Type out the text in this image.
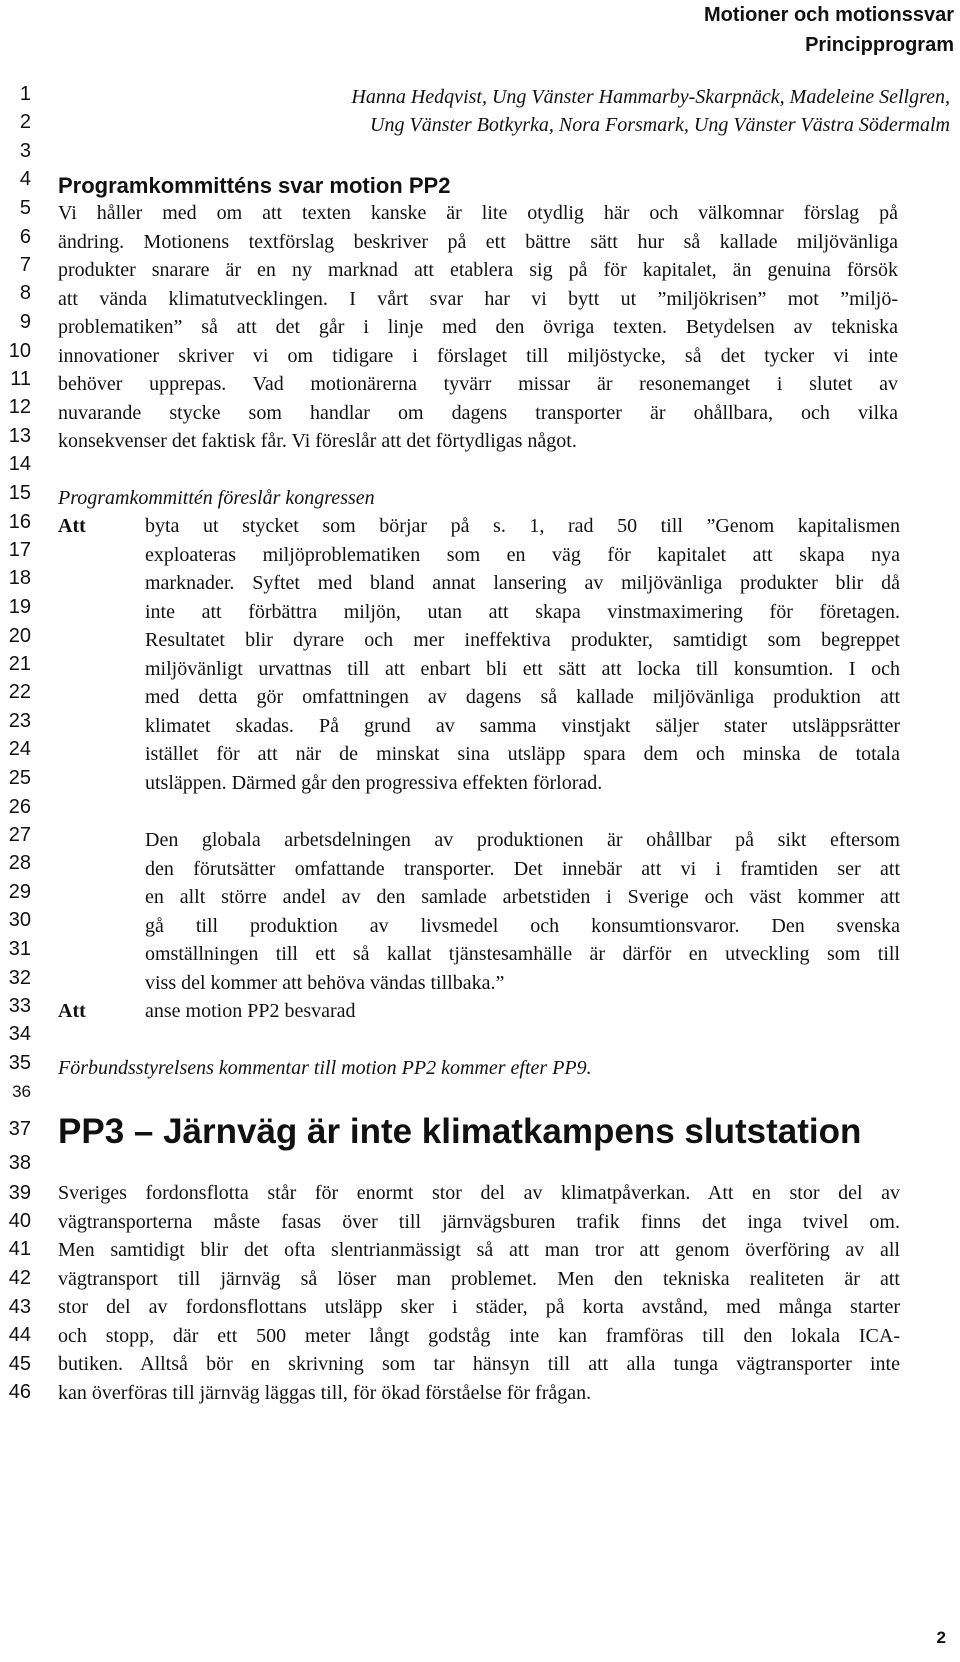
Motioner och motionssvar
Principprogram
1
2
3
4
5
6
7
8
9
10
11
12
13
14
15
16
17
18
19
20
21
22
23
24
25
26
27
28
29
30
31
32
33
34
35
36
37
38
39
40
41
42
43
44
45
46
Hanna Hedqvist, Ung Vänster Hammarby-Skarpnäck, Madeleine Sellgren,
Ung Vänster Botkyrka, Nora Forsmark, Ung Vänster Västra Södermalm
Programkommitténs svar motion PP2
Vi håller med om att texten kanske är lite otydlig här och välkomnar förslag på
ändring. Motionens textförslag beskriver på ett bättre sätt hur så kallade miljövänliga
produkter snarare är en ny marknad att etablera sig på för kapitalet, än genuina försök
att vända klimatutvecklingen. I vårt svar har vi bytt ut ”miljökrisen” mot ”miljö-
problematiken” så att det går i linje med den övriga texten. Betydelsen av tekniska
innovationer skriver vi om tidigare i förslaget till miljöstycke, så det tycker vi inte
behöver upprepas. Vad motionärerna tyvärr missar är resonemanget i slutet av
nuvarande stycke som handlar om dagens transporter är ohållbara, och vilka
konsekvenser det faktisk får. Vi föreslår att det förtydligas något.
Programkommittén föreslår kongressen
Att	byta ut stycket som börjar på s. 1, rad 50 till ”Genom kapitalismen
exploateras miljöproblematiken som en väg för kapitalet att skapa nya
marknader. Syftet med bland annat lansering av miljövänliga produkter blir då
inte att förbättra miljön, utan att skapa vinstmaximering för företagen.
Resultatet blir dyrare och mer ineffektiva produkter, samtidigt som begreppet
miljövänligt urvattnas till att enbart bli ett sätt att locka till konsumtion. I och
med detta gör omfattningen av dagens så kallade miljövänliga produktion att
klimatet skadas. På grund av samma vinstjakt säljer stater utsläppsrätter
istället för att när de minskat sina utsläpp spara dem och minska de totala
utsläppen. Därmed går den progressiva effekten förlorad.
Den globala arbetsdelningen av produktionen är ohållbar på sikt eftersom
den förutsätter omfattande transporter. Det innebär att vi i framtiden ser att
en allt större andel av den samlade arbetstiden i Sverige och väst kommer att
gå till produktion av livsmedel och konsumtionsvaror. Den svenska
omställningen till ett så kallat tjänstesamhälle är därför en utveckling som till
viss del kommer att behöva vändas tillbaka.”
Att	anse motion PP2 besvarad
Förbundsstyrelsens kommentar till motion PP2 kommer efter PP9.
PP3 – Järnväg är inte klimatkampens slutstation
Sveriges fordonsflotta står för enormt stor del av klimatpåverkan. Att en stor del av
vägtransporterna måste fasas över till järnvägsburen trafik finns det inga tvivel om.
Men samtidigt blir det ofta slentrianmässigt så att man tror att genom överföring av all
vägtransport till järnväg så löser man problemet. Men den tekniska realiteten är att
stor del av fordonsflottans utsläpp sker i städer, på korta avstånd, med många starter
och stopp, där ett 500 meter långt godståg inte kan framföras till den lokala ICA-
butiken. Alltså bör en skrivning som tar hänsyn till att alla tunga vägtransporter inte
kan överföras till järnväg läggas till, för ökad förståelse för frågan.
2
